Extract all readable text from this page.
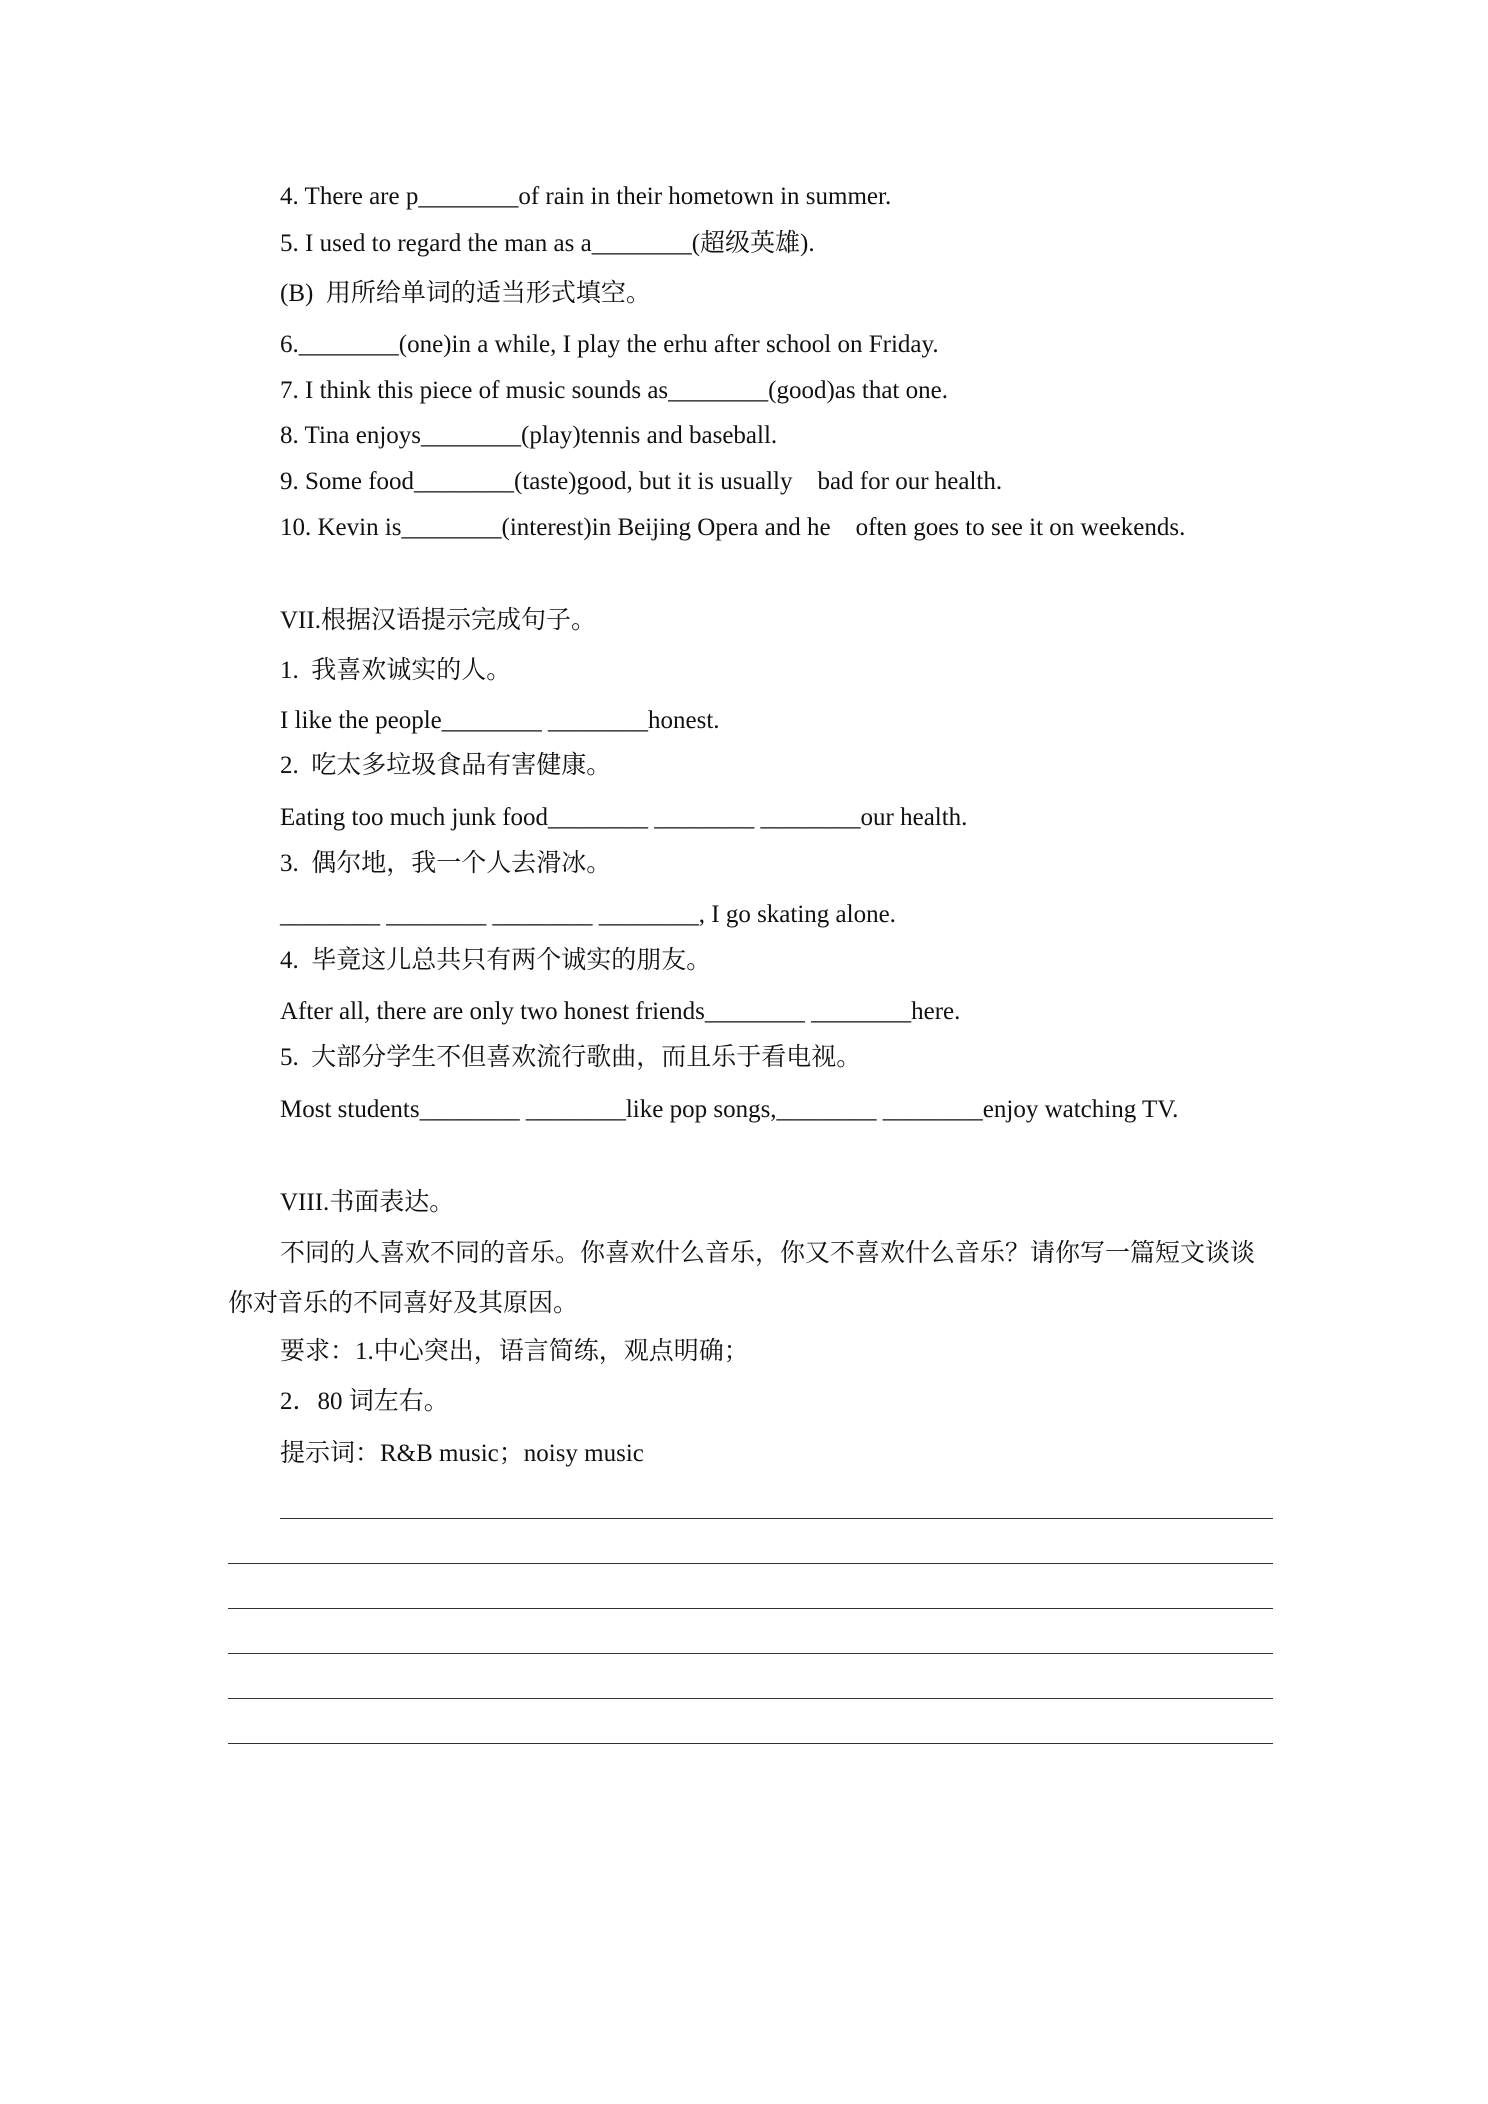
4. There are p________of rain in their hometown in summer.
5. I used to regard the man as a________(超级英雄).
(B)  用所给单词的适当形式填空。
6.________(one)in a while, I play the erhu after school on Friday.
7. I think this piece of music sounds as________(good)as that one.
8. Tina enjoys________(play)tennis and baseball.
9. Some food________(taste)good, but it is usually    bad for our health.
10. Kevin is________(interest)in Beijing Opera and he    often goes to see it on weekends.
VII.根据汉语提示完成句子。
1.  我喜欢诚实的人。
I like the people________ ________honest.
2.  吃太多垃圾食品有害健康。
Eating too much junk food________ ________ ________our health.
3.  偶尔地，我一个人去滑冰。
________ ________ ________ ________, I go skating alone.
4.  毕竟这儿总共只有两个诚实的朋友。
After all, there are only two honest friends________ ________here.
5.  大部分学生不但喜欢流行歌曲，而且乐于看电视。
Most students________ ________like pop songs,________ ________enjoy watching TV.
VIII.书面表达。
不同的人喜欢不同的音乐。你喜欢什么音乐，你又不喜欢什么音乐？请你写一篇短文谈谈你对音乐的不同喜好及其原因。
要求：1.中心突出，语言简练，观点明确；
2．80 词左右。
提示词：R&B music；noisy music
